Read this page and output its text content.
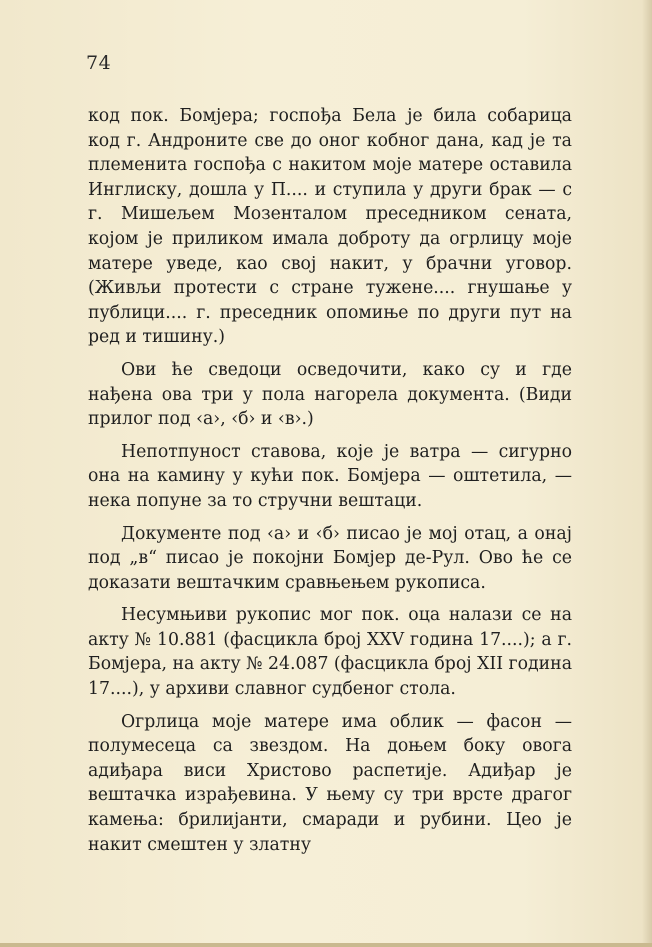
74

код пок. Бомјера; госпођа Бела је била собарица код г. Андроните све до оног кобног дана, кад је та племенита госпођа с накитом моје матере оставила Инглиску, дошла у П.... и ступила у други брак — с г. Мишељем Мозенталом преседником сената, којом је приликом имала доброту да огрлицу моје матере уведе, као свој накит, у брачни уговор. (Живљи протести с стране тужене.... гнушање у публици.... г. преседник опомиње по други пут на ред и тишину.)

Ови ће сведоци осведочити, како су и где нађена ова три у пола нагорела документа. (Види прилог под ‹а›, ‹б› и ‹в›.)

Непотпуност ставова, које је ватра — сигурно она на камину у кући пок. Бомјера — оштетила, — нека попуне за то стручни вештаци.

Документе под ‹а› и ‹б› писао је мој отац, а онај под „в“ писао је покојни Бомјер де-Рул. Ово ће се доказати вештачким сравњењем рукописа.

Несумњиви рукопис мог пок. оца налази се на акту № 10.881 (фасцикла број XXV година 17....); а г. Бомјера, на акту № 24.087 (фасцикла број XII година 17....), у архиви славног судбеног стола.

Огрлица моје матере има облик — фасон — полумесеца са звездом. На доњем боку овога адиђара виси Христово распетије. Адиђар је вештачка израђевина. У њему су три врсте драгог камења: брилијанти, смаради и рубини. Цео је накит смештен у златну
